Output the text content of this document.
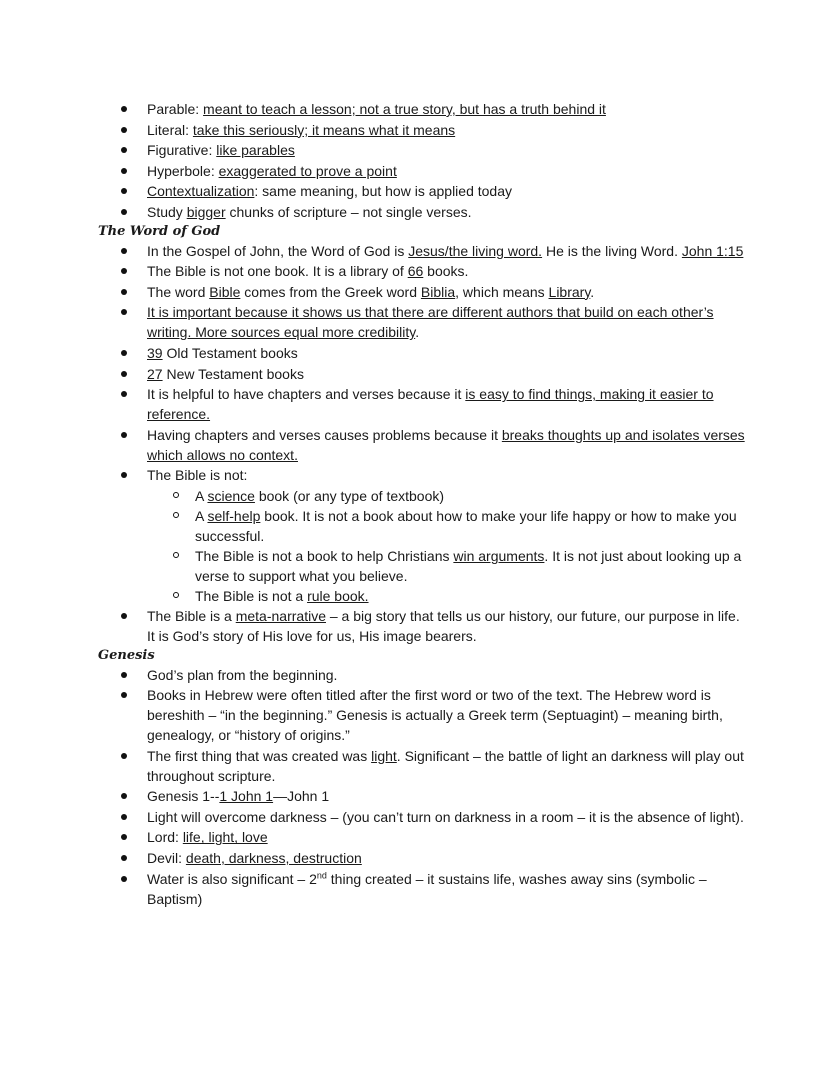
Parable: meant to teach a lesson; not a true story, but has a truth behind it
Literal: take this seriously; it means what it means
Figurative: like parables
Hyperbole: exaggerated to prove a point
Contextualization: same meaning, but how is applied today
Study bigger chunks of scripture – not single verses.
The Word of God
In the Gospel of John, the Word of God is Jesus/the living word. He is the living Word. John 1:15
The Bible is not one book. It is a library of 66 books.
The word Bible comes from the Greek word Biblia, which means Library.
It is important because it shows us that there are different authors that build on each other’s writing. More sources equal more credibility.
39 Old Testament books
27 New Testament books
It is helpful to have chapters and verses because it is easy to find things, making it easier to reference.
Having chapters and verses causes problems because it breaks thoughts up and isolates verses which allows no context.
The Bible is not:
A science book (or any type of textbook)
A self-help book. It is not a book about how to make your life happy or how to make you successful.
The Bible is not a book to help Christians win arguments. It is not just about looking up a verse to support what you believe.
The Bible is not a rule book.
The Bible is a meta-narrative – a big story that tells us our history, our future, our purpose in life. It is God’s story of His love for us, His image bearers.
Genesis
God’s plan from the beginning.
Books in Hebrew were often titled after the first word or two of the text. The Hebrew word is bereshith – “in the beginning.” Genesis is actually a Greek term (Septuagint) – meaning birth, genealogy, or “history of origins.”
The first thing that was created was light. Significant – the battle of light an darkness will play out throughout scripture.
Genesis 1--1 John 1—John 1
Light will overcome darkness – (you can’t turn on darkness in a room – it is the absence of light).
Lord: life, light, love
Devil: death, darkness, destruction
Water is also significant – 2nd thing created – it sustains life, washes away sins (symbolic – Baptism)
